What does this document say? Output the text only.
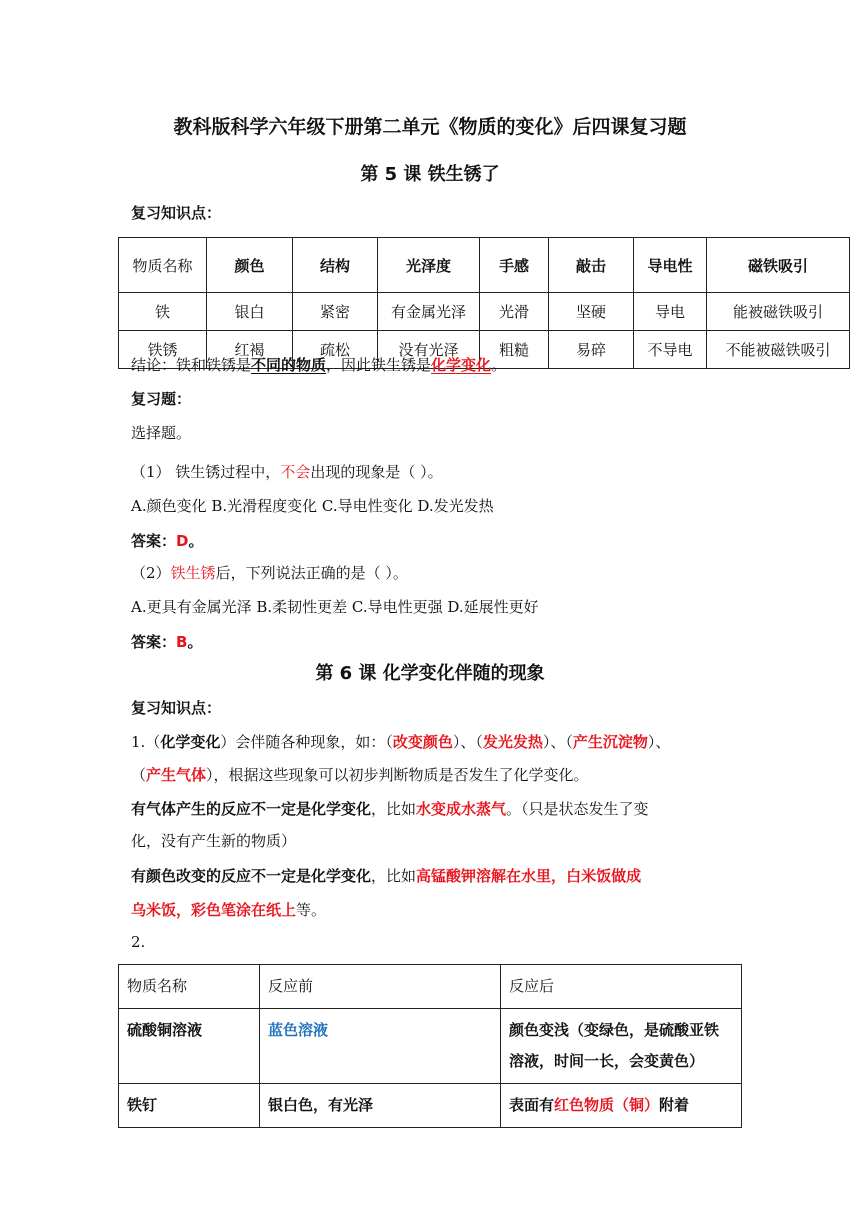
教科版科学六年级下册第二单元《物质的变化》后四课复习题
第 5 课 铁生锈了
复习知识点：
物质名称	颜色	结构	光泽度	手感	敲击	导电性	磁铁吸引
铁	银白	紧密	有金属光泽	光滑	坚硬	导电	能被磁铁吸引
铁锈	红褐	疏松	没有光泽	粗糙	易碎	不导电	不能被磁铁吸引
结论：铁和铁锈是不同的物质，因此铁生锈是化学变化。
复习题：
选择题。
（1） 铁生锈过程中，不会出现的现象是（ ）。
A.颜色变化 B.光滑程度变化 C.导电性变化 D.发光发热
答案：D。
（2）铁生锈后，下列说法正确的是（ ）。
A.更具有金属光泽 B.柔韧性更差 C.导电性更强 D.延展性更好
答案：B。
第 6 课 化学变化伴随的现象
复习知识点：
1.（化学变化）会伴随各种现象，如：（改变颜色）、（发光发热）、（产生沉淀物）、
（产生气体），根据这些现象可以初步判断物质是否发生了化学变化。
有气体产生的反应不一定是化学变化，比如水变成水蒸气。（只是状态发生了变
化，没有产生新的物质）
有颜色改变的反应不一定是化学变化，比如高锰酸钾溶解在水里，白米饭做成
乌米饭，彩色笔涂在纸上等。
2.
物质名称	反应前	反应后
硫酸铜溶液	蓝色溶液	颜色变浅（变绿色，是硫酸亚铁溶液，时间一长，会变黄色）
铁钉	银白色，有光泽	表面有红色物质（铜）附着
